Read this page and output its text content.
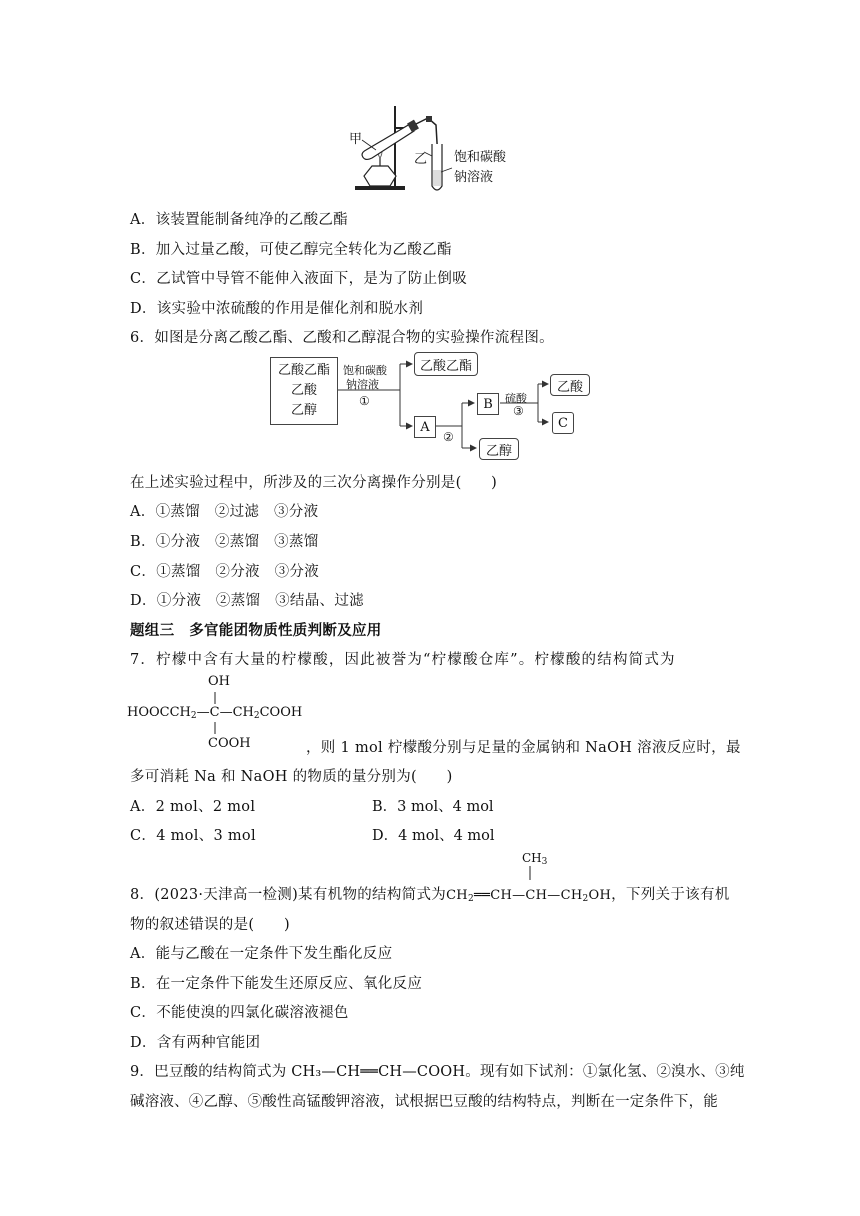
甲
乙 饱和碳酸
钠溶液
A．该装置能制备纯净的乙酸乙酯
B．加入过量乙酸，可使乙醇完全转化为乙酸乙酯
C．乙试管中导管不能伸入液面下，是为了防止倒吸
D．该实验中浓硫酸的作用是催化剂和脱水剂
6．如图是分离乙酸乙酯、乙酸和乙醇混合物的实验操作流程图。
乙酸乙酯
乙酸
乙醇
饱和碳酸
钠溶液
①
乙酸乙酯
A
②
B	硫酸
③
乙酸
C
乙醇
在上述实验过程中，所涉及的三次分离操作分别是(　　)
A．①蒸馏　②过滤　③分液
B．①分液　②蒸馏　③蒸馏
C．①蒸馏　②分液　③分液
D．①分液　②蒸馏　③结晶、过滤
题组三　多官能团物质性质判断及应用
7．柠檬中含有大量的柠檬酸，因此被誉为“柠檬酸仓库”。柠檬酸的结构简式为
OH
$HOOCCH_2—C—CH_2COOH$
COOH	，则 1 mol 柠檬酸分别与足量的金属钠和 NaOH 溶液反应时，最
多可消耗 Na 和 NaOH 的物质的量分别为(　　)
A．2 mol、2 mol	B．3 mol、4 mol
C．4 mol、3 mol	D．4 mol、4 mol
$CH_3$
8．(2023·天津高一检测)某有机物的结构简式为$CH_2══CH—CH—CH_2OH$，下列关于该有机
物的叙述错误的是(　　)
A．能与乙酸在一定条件下发生酯化反应
B．在一定条件下能发生还原反应、氧化反应
C．不能使溴的四氯化碳溶液褪色
D．含有两种官能团
9．巴豆酸的结构简式为 CH₃—CH══CH—COOH。现有如下试剂：①氯化氢、②溴水、③纯
碱溶液、④乙醇、⑤酸性高锰酸钾溶液，试根据巴豆酸的结构特点，判断在一定条件下，能
